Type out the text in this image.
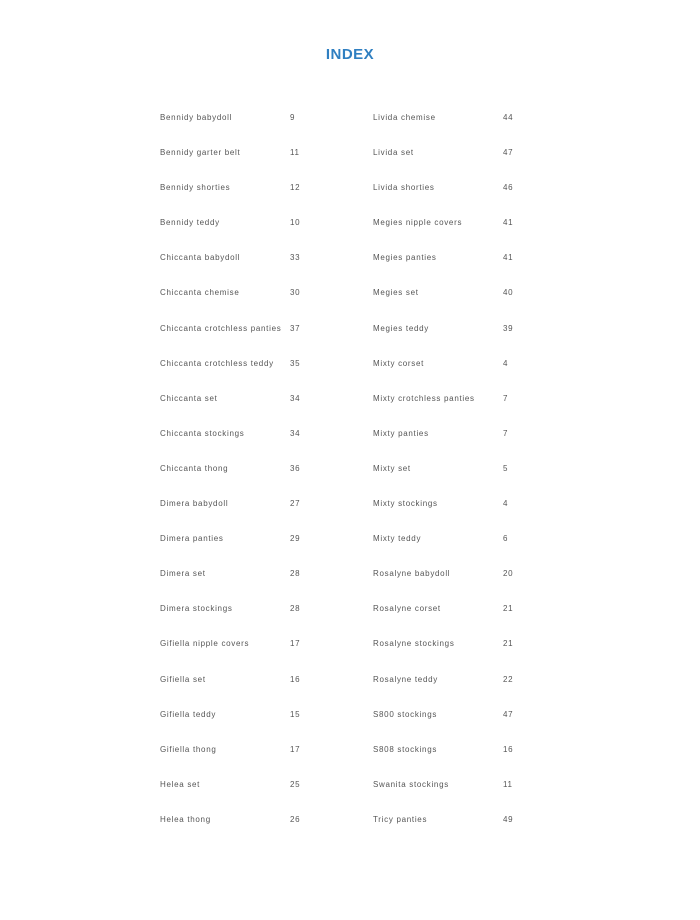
INDEX
Bennidy babydoll	9
Bennidy garter belt	11
Bennidy shorties	12
Bennidy teddy	10
Chiccanta babydoll	33
Chiccanta chemise	30
Chiccanta crotchless panties 37
Chiccanta crotchless teddy 35
Chiccanta set	34
Chiccanta stockings	34
Chiccanta thong	36
Dimera babydoll	27
Dimera panties	29
Dimera set	28
Dimera stockings	28
Gifiella nipple covers	17
Gifiella set	16
Gifiella teddy	15
Gifiella thong	17
Helea set	25
Helea thong	26
Livida chemise	44
Livida set	47
Livida shorties	46
Megies nipple covers	41
Megies panties	41
Megies set	40
Megies teddy	39
Mixty corset	4
Mixty crotchless panties	7
Mixty panties	7
Mixty set	5
Mixty stockings	4
Mixty teddy	6
Rosalyne babydoll	20
Rosalyne corset	21
Rosalyne stockings	21
Rosalyne teddy	22
S800 stockings	47
S808 stockings	16
Swanita stockings	11
Tricy panties	49
